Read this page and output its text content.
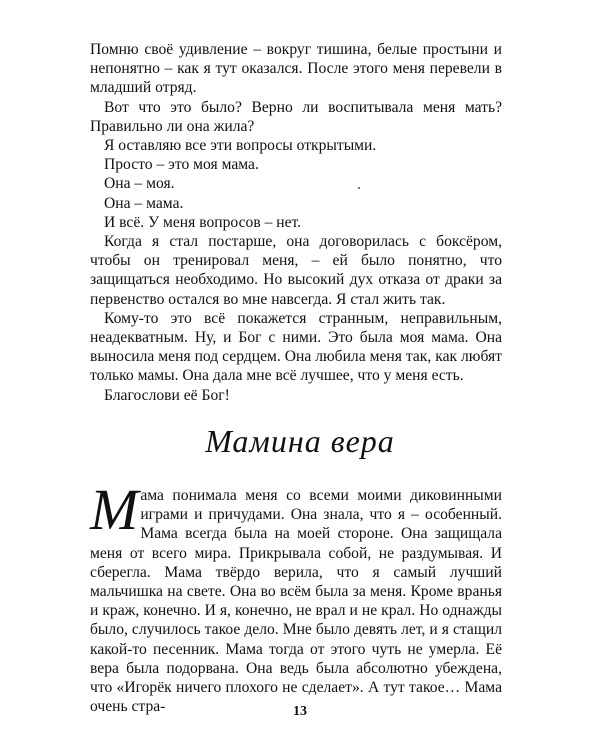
Помню своё удивление – вокруг тишина, белые простыни и непонятно – как я тут оказался. После этого меня перевели в младший отряд.

Вот что это было? Верно ли воспитывала меня мать? Правильно ли она жила?

Я оставляю все эти вопросы открытыми.

Просто – это моя мама.

Она – моя.

Она – мама.

И всё. У меня вопросов – нет.

Когда я стал постарше, она договорилась с боксёром, чтобы он тренировал меня, – ей было понятно, что защищаться необходимо. Но высокий дух отказа от драки за первенство остался во мне навсегда. Я стал жить так.

Кому-то это всё покажется странным, неправильным, неадекватным. Ну, и Бог с ними. Это была моя мама. Она выносила меня под сердцем. Она любила меня так, как любят только мамы. Она дала мне всё лучшее, что у меня есть.

Благослови её Бог!

Мамина вера

Мама понимала меня со всеми моими диковинными играми и причудами. Она знала, что я – особенный. Мама всегда была на моей стороне. Она защищала меня от всего мира. Прикрывала собой, не раздумывая. И сберегла. Мама твёрдо верила, что я самый лучший мальчишка на свете. Она во всём была за меня. Кроме вранья и краж, конечно. И я, конечно, не врал и не крал. Но однажды было, случилось такое дело. Мне было девять лет, и я стащил какой-то песенник. Мама тогда от этого чуть не умерла. Её вера была подорвана. Она ведь была абсолютно убеждена, что «Игорёк ничего плохого не сделает». А тут такое… Мама очень стра-	13
